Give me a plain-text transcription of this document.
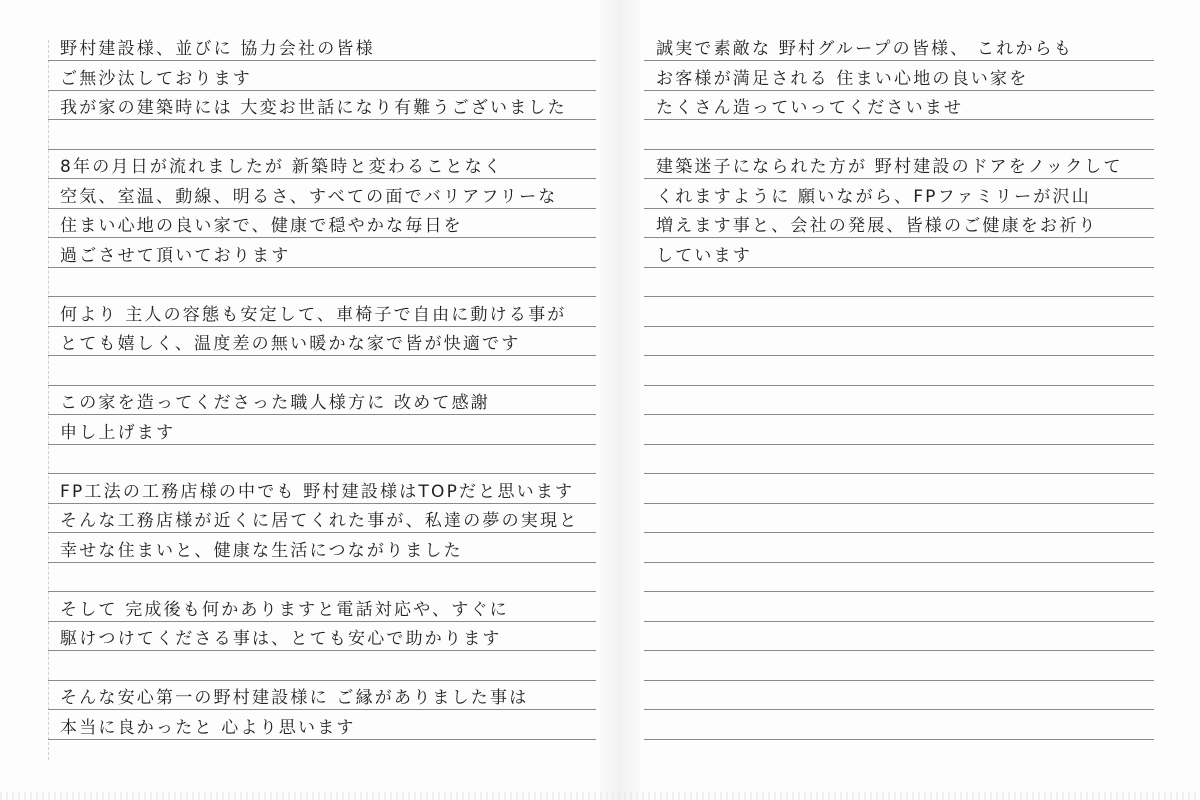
野村建設様、並びに 協力会社の皆様
ご無沙汰しております
我が家の建築時には 大変お世話になり有難うございました
8年の月日が流れましたが 新築時と変わることなく
空気、室温、動線、明るさ、すべての面でバリアフリーな
住まい心地の良い家で、健康で穏やかな毎日を
過ごさせて頂いております
何より 主人の容態も安定して、車椅子で自由に動ける事が
とても嬉しく、温度差の無い暖かな家で皆が快適です
この家を造ってくださった職人様方に 改めて感謝
申し上げます
FP工法の工務店様の中でも 野村建設様はTOPだと思います
そんな工務店様が近くに居てくれた事が、私達の夢の実現と
幸せな住まいと、健康な生活につながりました
そして 完成後も何かありますと電話対応や、すぐに
駆けつけてくださる事は、とても安心で助かります
そんな安心第一の野村建設様に ご縁がありました事は
本当に良かったと 心より思います
誠実で素敵な 野村グループの皆様、 これからも
お客様が満足される 住まい心地の良い家を
たくさん造っていってくださいませ
建築迷子になられた方が 野村建設のドアをノックして
くれますように 願いながら、FPファミリーが沢山
増えます事と、会社の発展、皆様のご健康をお祈り
しています
